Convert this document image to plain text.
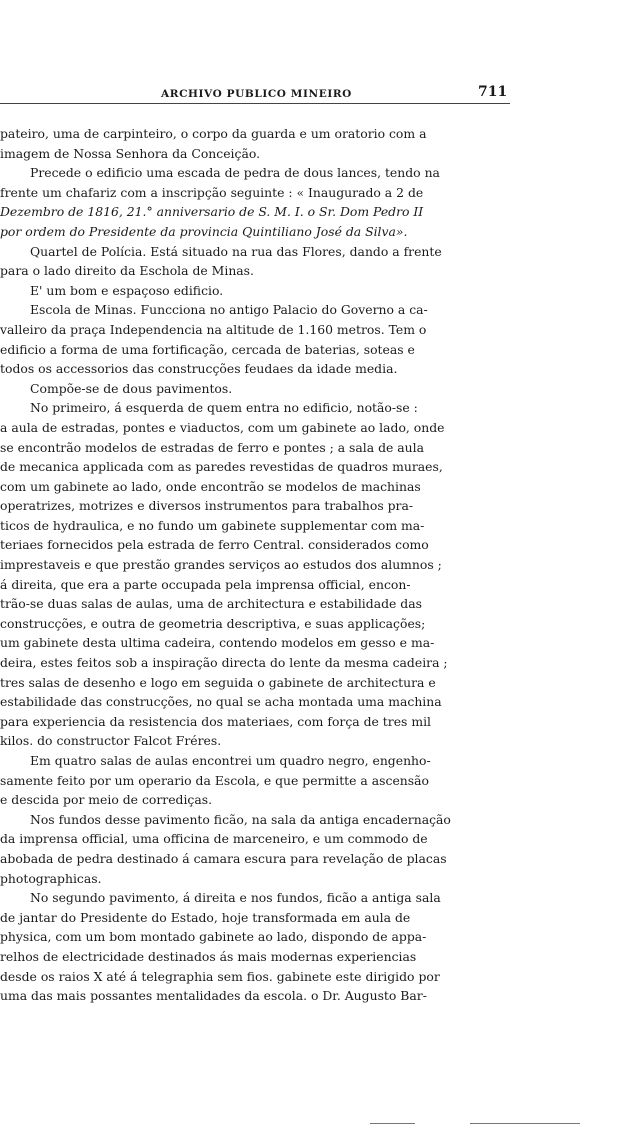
ARCHIVO PUBLICO MINEIRO	711
pateiro, uma de carpinteiro, o corpo da guarda e um oratorio com a
imagem de Nossa Senhora da Conceição.
Precede o edificio uma escada de pedra de dous lances, tendo na
frente um chafariz com a inscripção seguinte : « Inaugurado a 2 de
Dezembro de 1816, 21.° anniversario de S. M. I. o Sr. Dom Pedro II
por ordem do Presidente da provincia Quintiliano José da Silva».
Quartel de Polícia. Está situado na rua das Flores, dando a frente
para o lado direito da Eschola de Minas.
E' um bom e espaçoso edificio.
Escola de Minas. Funcciona no antigo Palacio do Governo a ca-
valleiro da praça Independencia na altitude de 1.160 metros. Tem o
edificio a forma de uma fortificação, cercada de baterias, soteas e
todos os accessorios das construcções feudaes da idade media.
Compõe-se de dous pavimentos.
No primeiro, á esquerda de quem entra no edificio, notão-se :
a aula de estradas, pontes e viaductos, com um gabinete ao lado, onde
se encontrão modelos de estradas de ferro e pontes ; a sala de aula
de mecanica applicada com as paredes revestidas de quadros muraes,
com um gabinete ao lado, onde encontrão se modelos de machinas
operatrizes, motrizes e diversos instrumentos para trabalhos pra-
ticos de hydraulica, e no fundo um gabinete supplementar com ma-
teriaes fornecidos pela estrada de ferro Central. considerados como
imprestaveis e que prestão grandes serviços ao estudos dos alumnos ;
á direita, que era a parte occupada pela imprensa official, encon-
trão-se duas salas de aulas, uma de architectura e estabilidade das
construcções, e outra de geometria descriptiva, e suas applicações;
um gabinete desta ultima cadeira, contendo modelos em gesso e ma-
deira, estes feitos sob a inspiração directa do lente da mesma cadeira ;
tres salas de desenho e logo em seguida o gabinete de architectura e
estabilidade das construcções, no qual se acha montada uma machina
para experiencia da resistencia dos materiaes, com força de tres mil
kilos. do constructor Falcot Fréres.
Em quatro salas de aulas encontrei um quadro negro, engenho-
samente feito por um operario da Escola, e que permitte a ascensão
e descida por meio de corrediças.
Nos fundos desse pavimento ficão, na sala da antiga encadernação
da imprensa official, uma officina de marceneiro, e um commodo de
abobada de pedra destinado á camara escura para revelação de placas
photographicas.
No segundo pavimento, á direita e nos fundos, ficão a antiga sala
de jantar do Presidente do Estado, hoje transformada em aula de
physica, com um bom montado gabinete ao lado, dispondo de appa-
relhos de electricidade destinados ás mais modernas experiencias
desde os raios X até á telegraphia sem fios. gabinete este dirigido por
uma das mais possantes mentalidades da escola. o Dr. Augusto Bar-
